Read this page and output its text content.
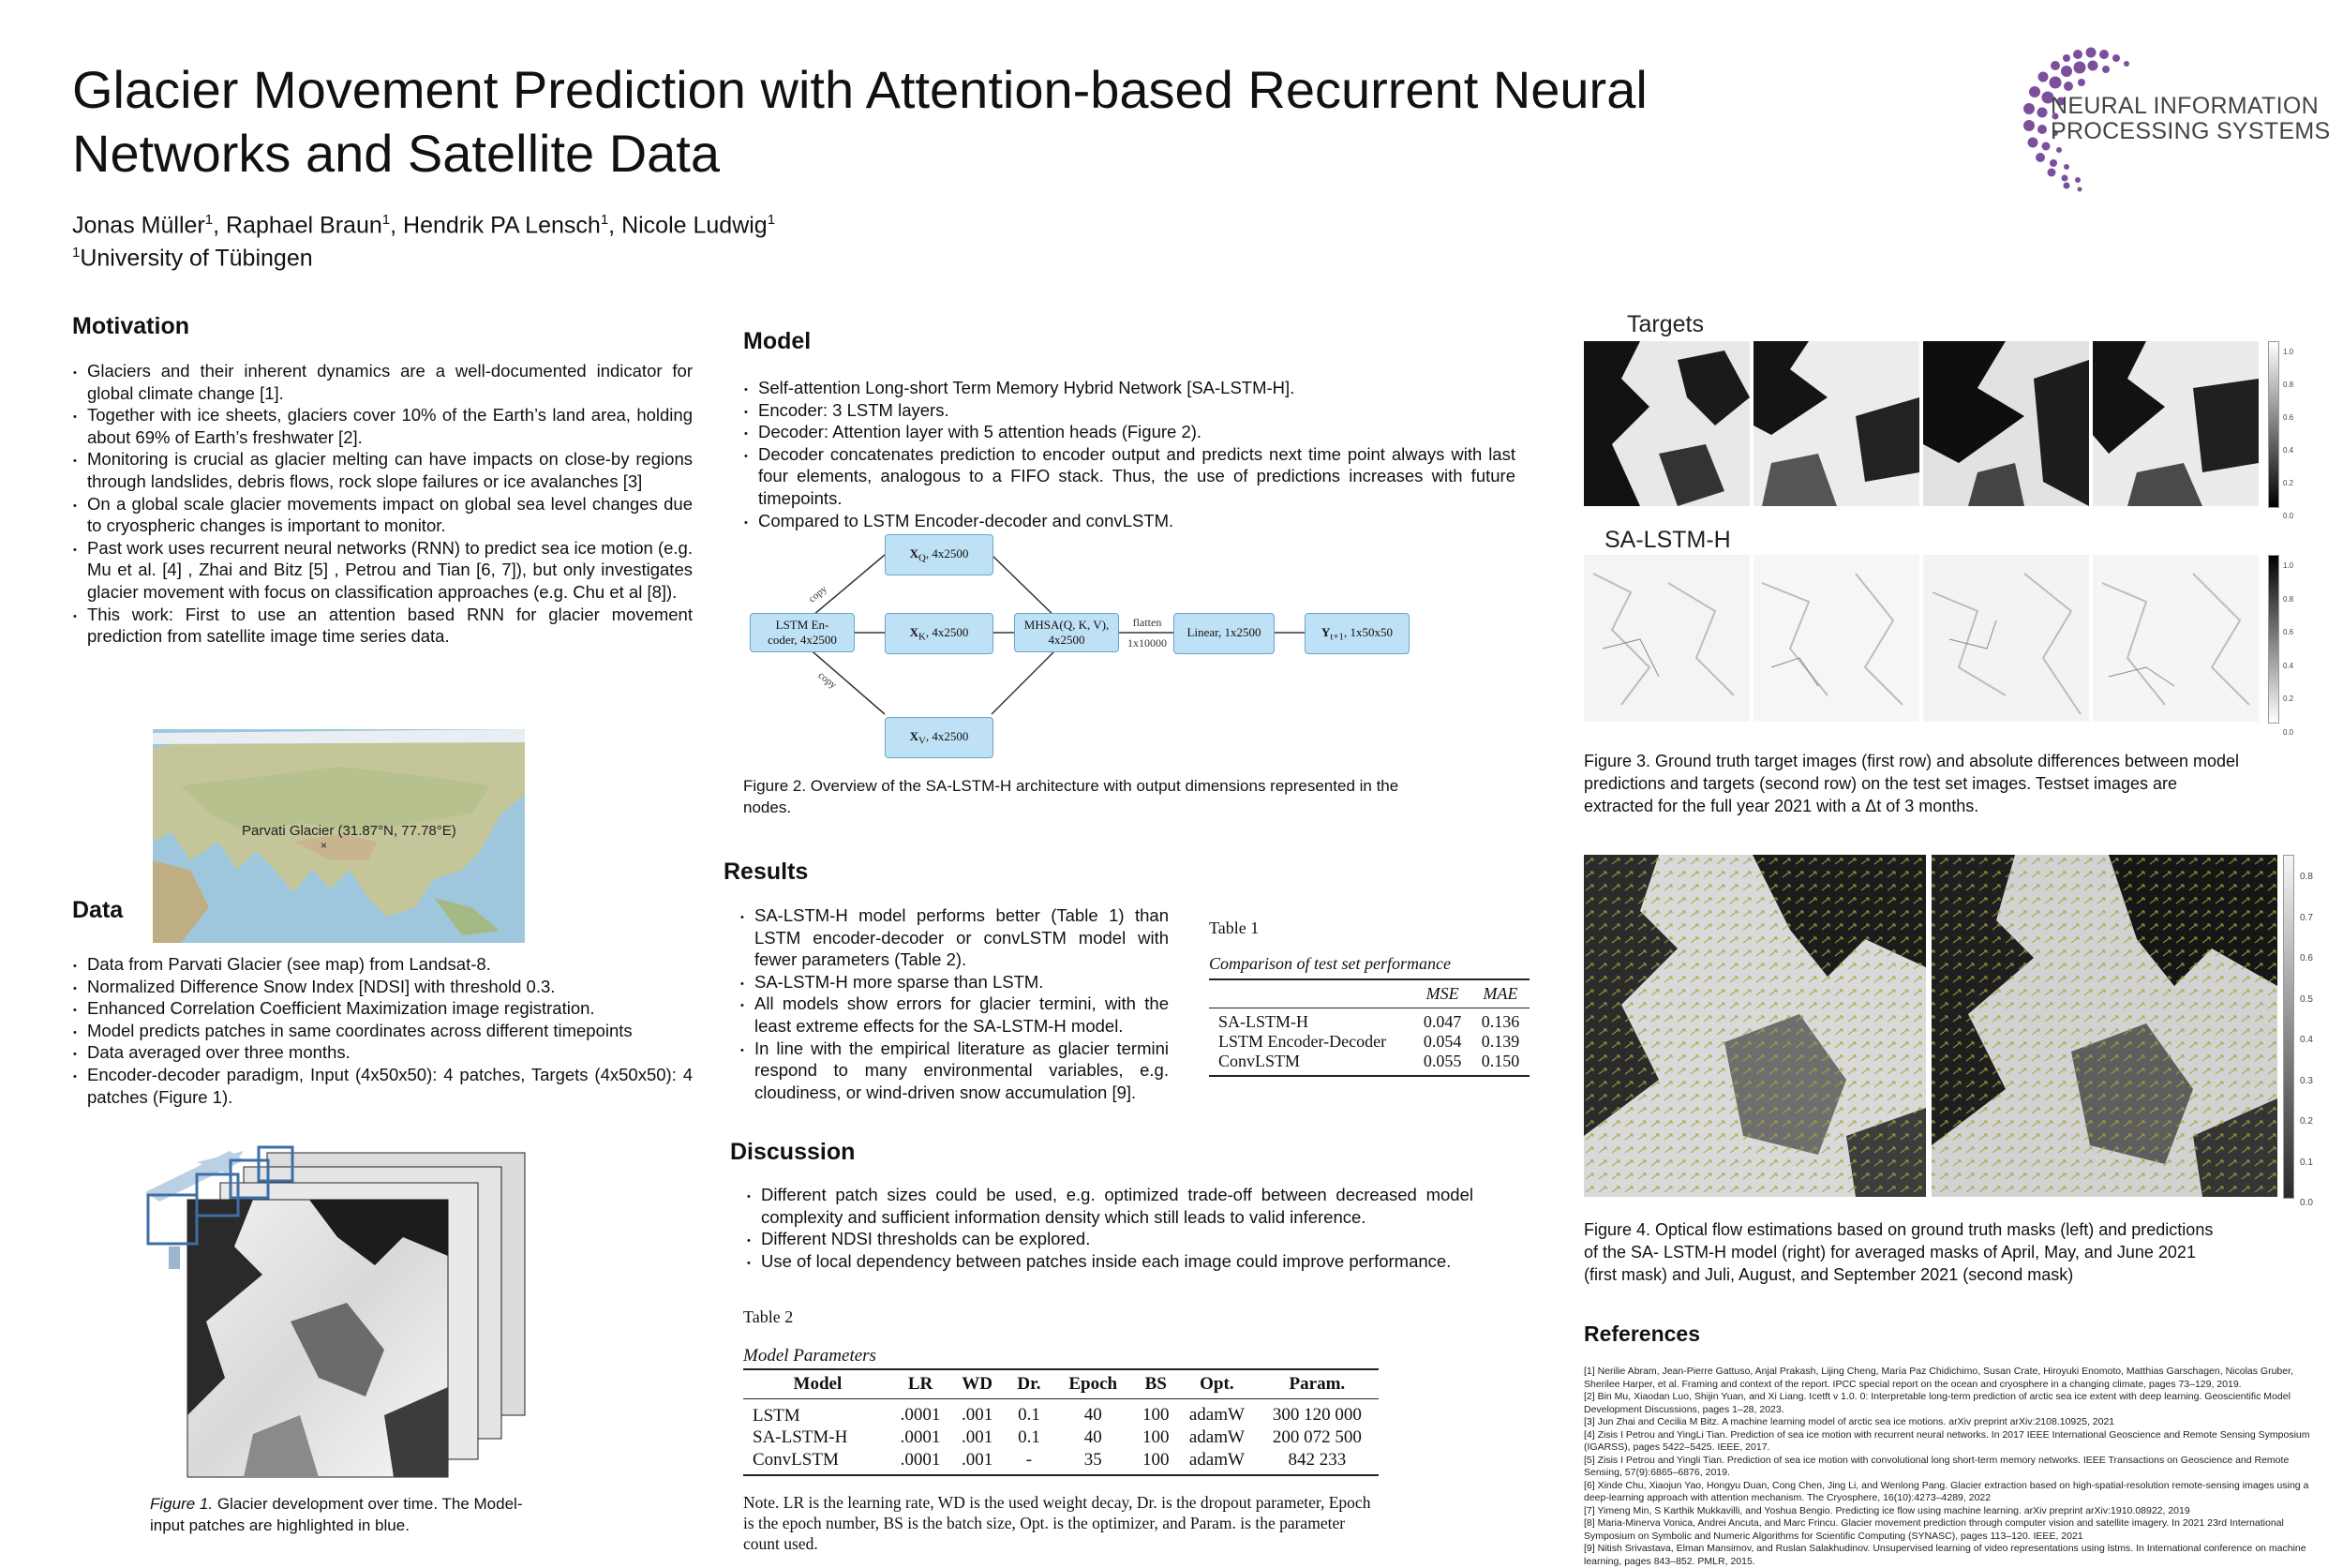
Glacier Movement Prediction with Attention-based Recurrent Neural Networks and Satellite Data
Jonas Müller$^1$, Raphael Braun$^1$, Hendrik PA Lensch$^1$, Nicole Ludwig$^1$
$^1$University of Tübingen
NEURAL INFORMATION
PROCESSING SYSTEMS
Motivation
• Glaciers and their inherent dynamics are a well-documented indicator for global climate change [1].
• Together with ice sheets, glaciers cover 10% of the Earth’s land area, holding about 69% of Earth’s freshwater [2].
• Monitoring is crucial as glacier melting can have impacts on close-by regions through landslides, debris flows, rock slope failures or ice avalanches [3]
• On a global scale glacier movements impact on global sea level changes due to cryospheric changes is important to monitor.
• Past work uses recurrent neural networks (RNN) to predict sea ice motion (e.g. Mu et al. [4] , Zhai and Bitz [5] , Petrou and Tian [6, 7]), but only investigates glacier movement with focus on classification approaches (e.g. Chu et al [8]).
• This work: First to use an attention based RNN for glacier movement prediction from satellite image time series data.
Parvati Glacier (31.87°N, 77.78°E)
×
Data
• Data from Parvati Glacier (see map) from Landsat-8.
• Normalized Difference Snow Index [NDSI] with threshold 0.3.
• Enhanced Correlation Coefficient Maximization image registration.
• Model predicts patches in same coordinates across different timepoints
• Data averaged over three months.
• Encoder-decoder paradigm, Input (4x50x50): 4 patches, Targets (4x50x50): 4 patches (Figure 1).
Figure 1. Glacier development over time. The Model-input patches are highlighted in blue.
Model
• Self-attention Long-short Term Memory Hybrid Network [SA-LSTM-H].
• Encoder: 3 LSTM layers.
• Decoder: Attention layer with 5 attention heads (Figure 2).
• Decoder concatenates prediction to encoder output and predicts next time point always with last four elements, analogous to a FIFO stack. Thus, the use of predictions increases with future timepoints.
• Compared to LSTM Encoder-decoder and convLSTM.
copy
copy
LSTM En-
coder, 4x2500
$X_Q$, 4x2500
$X_K$, 4x2500
$X_V$, 4x2500
MHSA(Q, K, V),
4x2500
flatten
1x10000
Linear, 1x2500	$Y_{t+1}$, 1x50x50
Figure 2. Overview of the SA-LSTM-H architecture with output dimensions represented in the nodes.
Results
• SA-LSTM-H model performs better (Table 1) than LSTM encoder-decoder or convLSTM model with fewer parameters (Table 2).
• SA-LSTM-H more sparse than LSTM.
• All models show errors for glacier termini, with the least extreme effects for the SA-LSTM-H model.
• In line with the empirical literature as glacier termini respond to many environmental variables, e.g. cloudiness, or wind-driven snow accumulation [9].
Table 1
Comparison of test set performance
	MSE	MAE
SA-LSTM-H	0.047	0.136
LSTM Encoder-Decoder	0.054	0.139
ConvLSTM	0.055	0.150
Discussion
• Different patch sizes could be used, e.g. optimized trade-off between decreased model complexity and sufficient information density which still leads to valid inference.
• Different NDSI thresholds can be explored.
• Use of local dependency between patches inside each image could improve performance.
Table 2
Model Parameters
Model	LR	WD	Dr.	Epoch	BS	Opt.	Param.
LSTM	.0001	.001	0.1	40	100	adamW	300 120 000
SA-LSTM-H	.0001	.001	0.1	40	100	adamW	200 072 500
ConvLSTM	.0001	.001	-	35	100	adamW	842 233
Note. LR is the learning rate, WD is the used weight decay, Dr. is the dropout parameter, Epoch is the epoch number, BS is the batch size, Opt. is the optimizer, and Param. is the parameter count used.
Targets
SA-LSTM-H
1.0
0.8
0.6
0.4
0.2
0.0
1.0
0.8
0.6
0.4
0.2
0.0
Figure 3. Ground truth target images (first row) and absolute differences between model predictions and targets (second row) on the test set images. Testset images are extracted for the full year 2021 with a Δt of 3 months.
0.8
0.7
0.6
0.5
0.4
0.3
0.2
0.1
0.0
Figure 4. Optical flow estimations based on ground truth masks (left) and predictions of the SA- LSTM-H model (right) for averaged masks of April, May, and June 2021 (first mask) and Juli, August, and September 2021 (second mask)
References
[1] Nerilie Abram, Jean-Pierre Gattuso, Anjal Prakash, Lijing Cheng, María Paz Chidichimo, Susan Crate, Hiroyuki Enomoto, Matthias Garschagen, Nicolas Gruber, Sherilee Harper, et al. Framing and context of the report. IPCC special report on the ocean and cryosphere in a changing climate, pages 73–129, 2019.
[2] Bin Mu, Xiaodan Luo, Shijin Yuan, and Xi Liang. Icetft v 1.0. 0: Interpretable long-term prediction of arctic sea ice extent with deep learning. Geoscientific Model Development Discussions, pages 1–28, 2023.
[3] Jun Zhai and Cecilia M Bitz. A machine learning model of arctic sea ice motions. arXiv preprint arXiv:2108.10925, 2021
[4] Zisis I Petrou and YingLi Tian. Prediction of sea ice motion with recurrent neural networks. In 2017 IEEE International Geoscience and Remote Sensing Symposium (IGARSS), pages 5422–5425. IEEE, 2017.
[5] Zisis I Petrou and Yingli Tian. Prediction of sea ice motion with convolutional long short-term memory networks. IEEE Transactions on Geoscience and Remote Sensing, 57(9):6865–6876, 2019.
[6] Xinde Chu, Xiaojun Yao, Hongyu Duan, Cong Chen, Jing Li, and Wenlong Pang. Glacier extraction based on high-spatial-resolution remote-sensing images using a deep-learning approach with attention mechanism. The Cryosphere, 16(10):4273–4289, 2022
[7] Yimeng Min, S Karthik Mukkavilli, and Yoshua Bengio. Predicting ice flow using machine learning. arXiv preprint arXiv:1910.08922, 2019
[8] Maria-Minerva Vonica, Andrei Ancuta, and Marc Frincu. Glacier movement prediction through computer vision and satellite imagery. In 2021 23rd International Symposium on Symbolic and Numeric Algorithms for Scientific Computing (SYNASC), pages 113–120. IEEE, 2021
[9] Nitish Srivastava, Elman Mansimov, and Ruslan Salakhudinov. Unsupervised learning of video representations using lstms. In International conference on machine learning, pages 843–852. PMLR, 2015.
